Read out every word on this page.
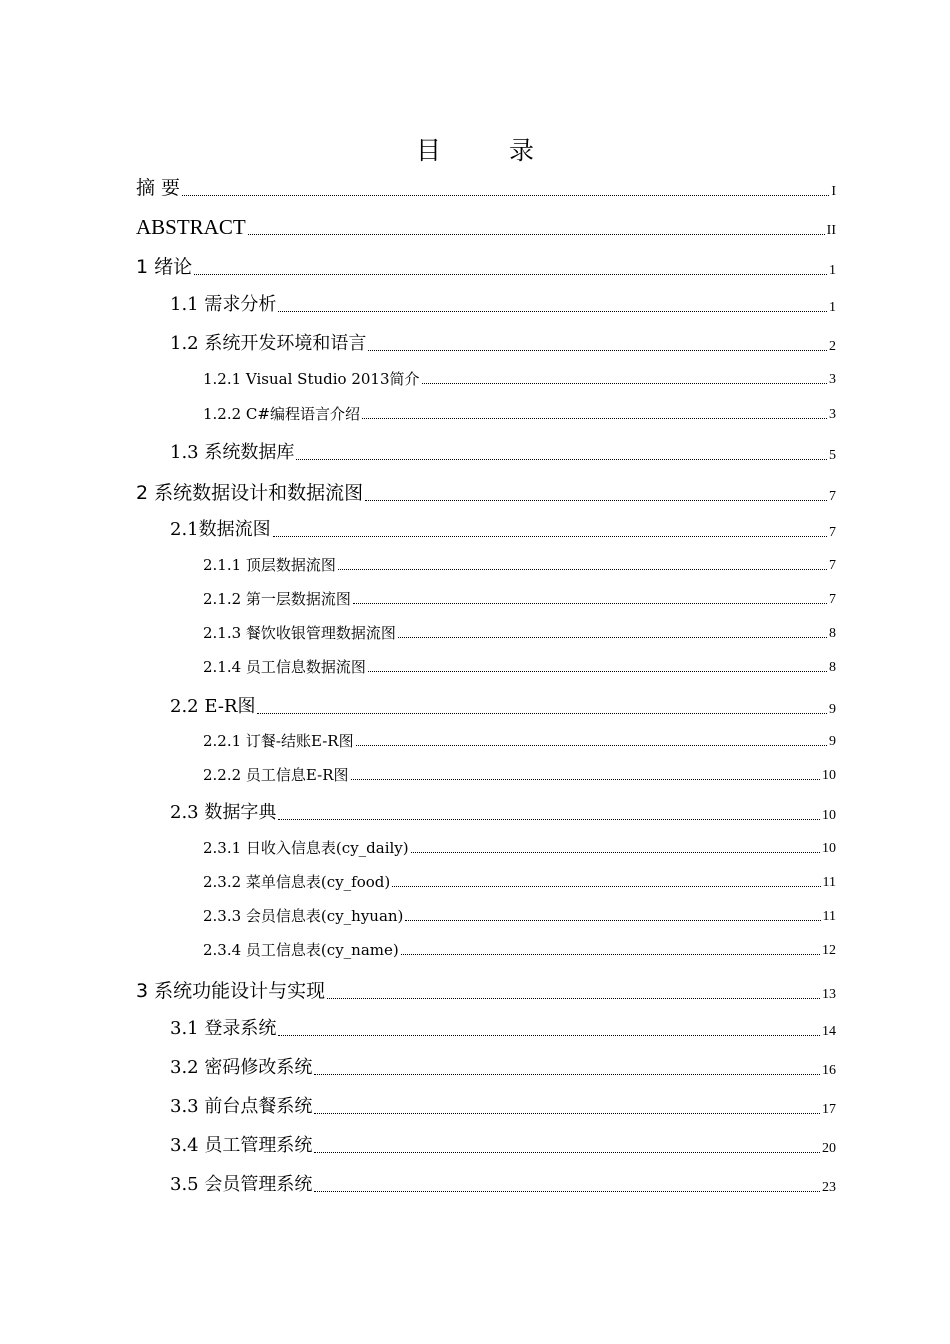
目 录
摘 要	I
ABSTRACT	II
1 绪论	1
1.1 需求分析	1
1.2 系统开发环境和语言	2
1.2.1 Visual Studio 2013简介	3
1.2.2 C#编程语言介绍	3
1.3 系统数据库	5
2 系统数据设计和数据流图	7
2.1数据流图	7
2.1.1 顶层数据流图	7
2.1.2 第一层数据流图	7
2.1.3 餐饮收银管理数据流图	8
2.1.4 员工信息数据流图	8
2.2 E-R图	9
2.2.1 订餐-结账E-R图	9
2.2.2 员工信息E-R图	10
2.3 数据字典	10
2.3.1 日收入信息表(cy_daily)	10
2.3.2 菜单信息表(cy_food)	11
2.3.3 会员信息表(cy_hyuan)	11
2.3.4 员工信息表(cy_name)	12
3 系统功能设计与实现	13
3.1 登录系统	14
3.2 密码修改系统	16
3.3 前台点餐系统	17
3.4 员工管理系统	20
3.5 会员管理系统	23
